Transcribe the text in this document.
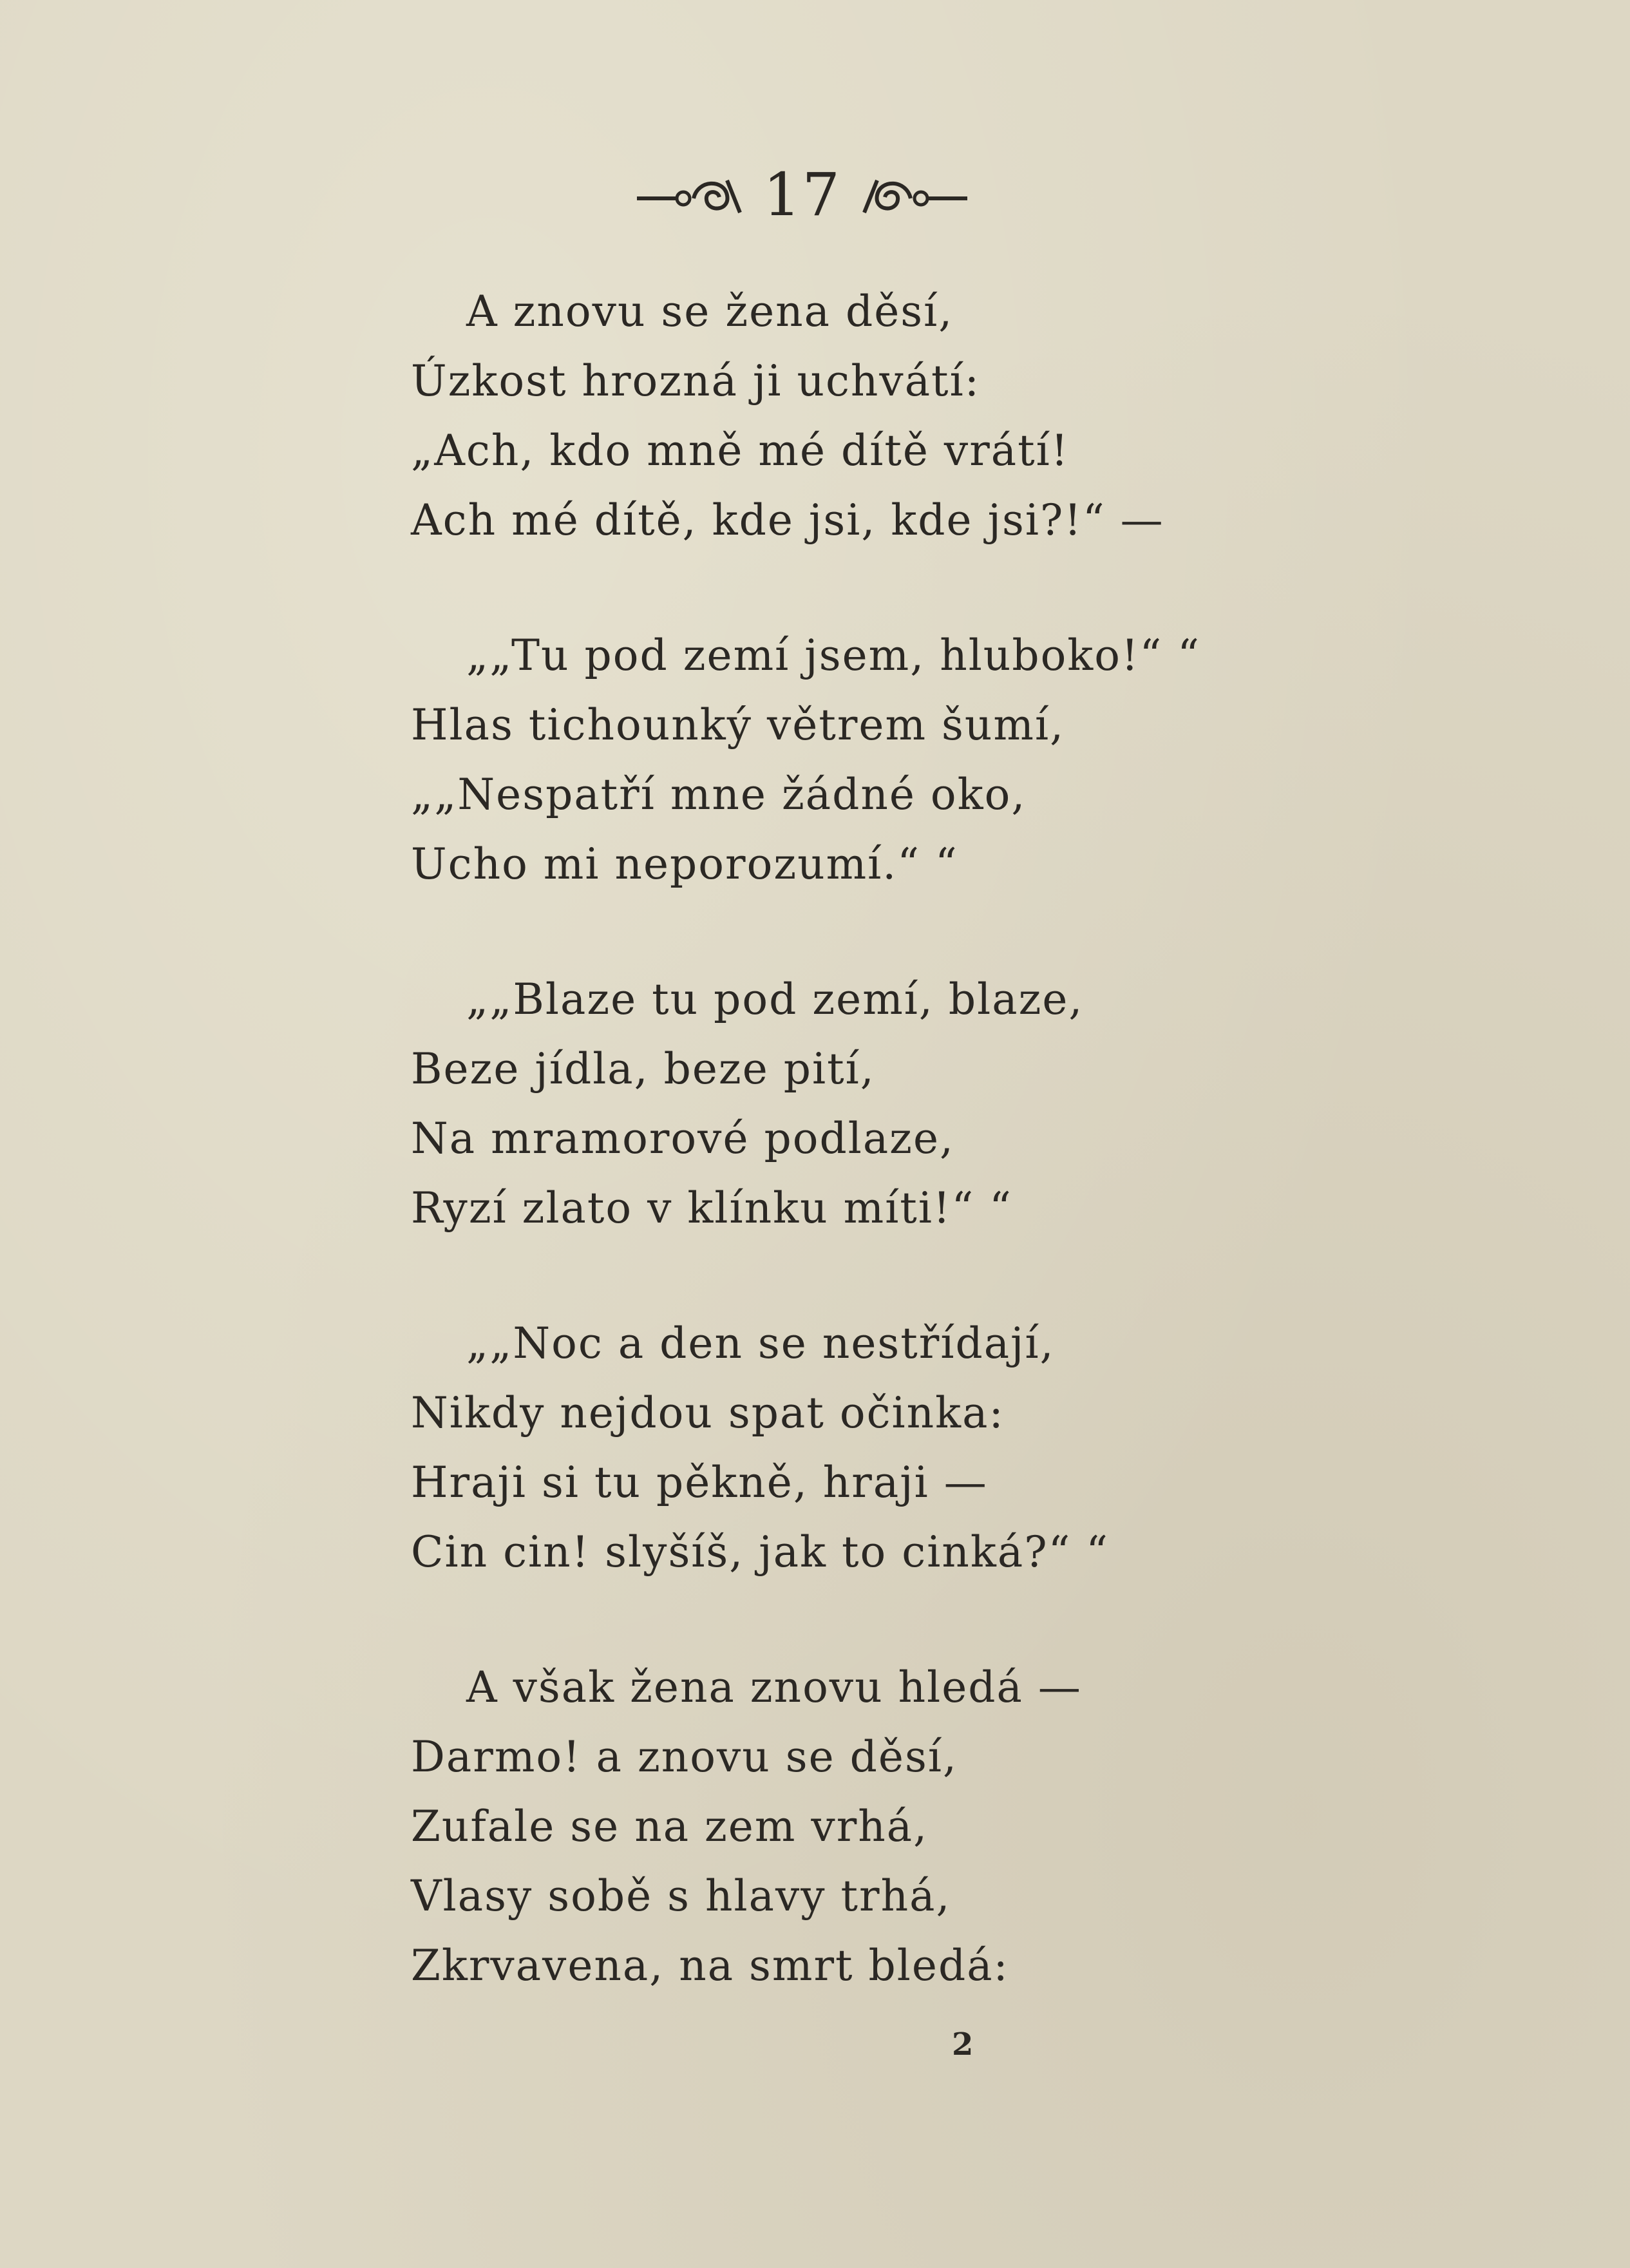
17
A znovu se žena děsí,
Úzkost hrozná ji uchvátí:
„Ach, kdo mně mé dítě vrátí!
Ach mé dítě, kde jsi, kde jsi?!“ —
„„Tu pod zemí jsem, hluboko!“ “
Hlas tichounký větrem šumí,
„„Nespatří mne žádné oko,
Ucho mi neporozumí.“ “
„„Blaze tu pod zemí, blaze,
Beze jídla, beze pití,
Na mramorové podlaze,
Ryzí zlato v klínku míti!“ “
„„Noc a den se nestřídají,
Nikdy nejdou spat očinka:
Hraji si tu pěkně, hraji —
Cin cin! slyšíš, jak to cinká?“ “
A však žena znovu hledá —
Darmo! a znovu se děsí,
Zufale se na zem vrhá,
Vlasy sobě s hlavy trhá,
Zkrvavena, na smrt bledá:
2
